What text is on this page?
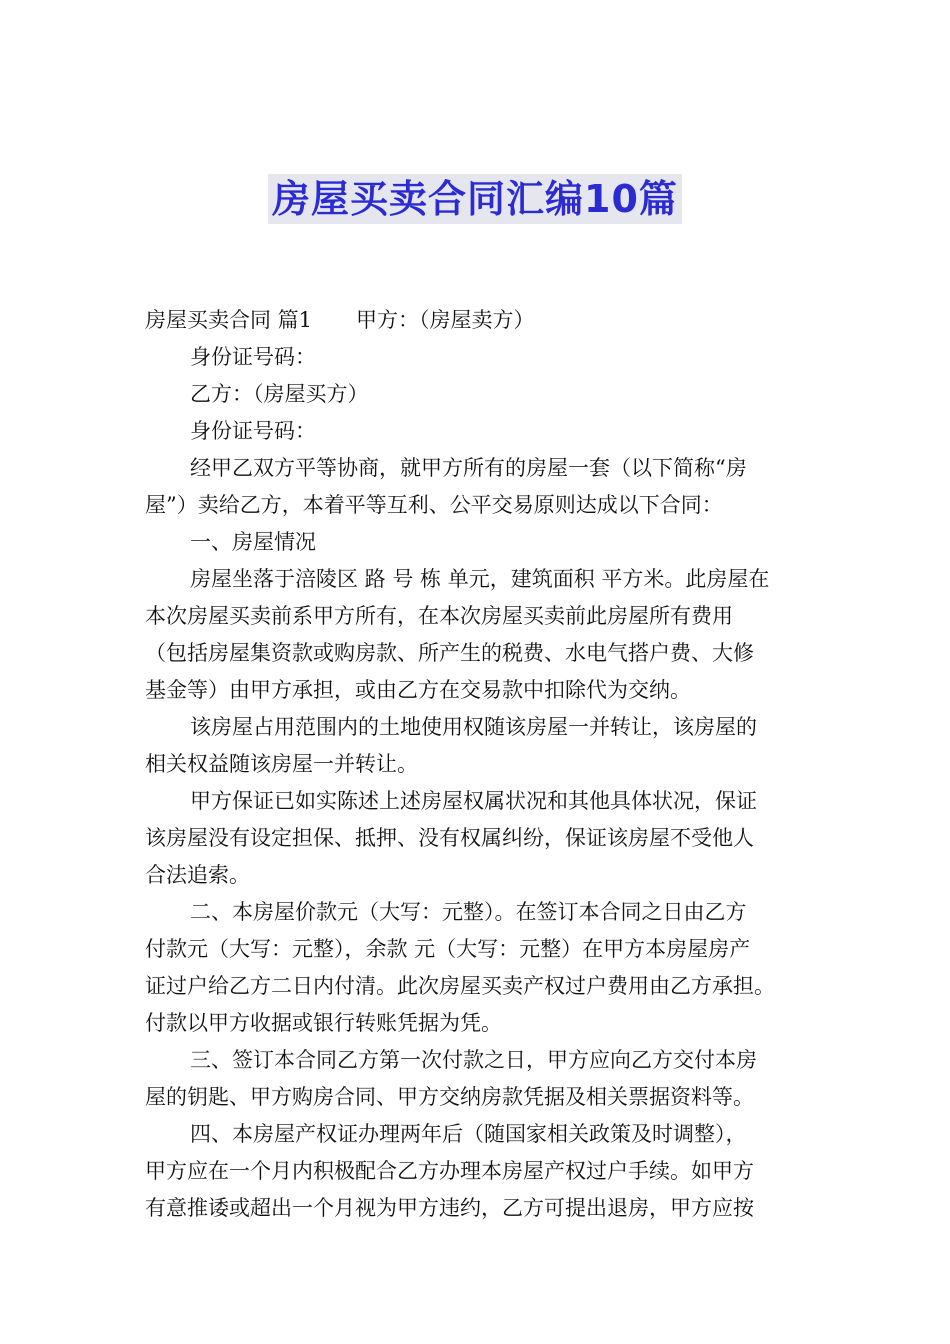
房屋买卖合同汇编10篇
房屋买卖合同 篇1 甲方：（房屋卖方）
身份证号码：
乙方：（房屋买方）
身份证号码：
经甲乙双方平等协商，就甲方所有的房屋一套（以下简称“房
屋”）卖给乙方，本着平等互利、公平交易原则达成以下合同：
一、房屋情况
房屋坐落于涪陵区 路 号 栋 单元，建筑面积 平方米。此房屋在
本次房屋买卖前系甲方所有，在本次房屋买卖前此房屋所有费用
（包括房屋集资款或购房款、所产生的税费、水电气搭户费、大修
基金等）由甲方承担，或由乙方在交易款中扣除代为交纳。
该房屋占用范围内的土地使用权随该房屋一并转让，该房屋的
相关权益随该房屋一并转让。
甲方保证已如实陈述上述房屋权属状况和其他具体状况，保证
该房屋没有设定担保、抵押、没有权属纠纷，保证该房屋不受他人
合法追索。
二、本房屋价款元（大写：元整）。在签订本合同之日由乙方
付款元（大写：元整），余款 元（大写：元整）在甲方本房屋房产
证过户给乙方二日内付清。此次房屋买卖产权过户费用由乙方承担。
付款以甲方收据或银行转账凭据为凭。
三、签订本合同乙方第一次付款之日，甲方应向乙方交付本房
屋的钥匙、甲方购房合同、甲方交纳房款凭据及相关票据资料等。
四、本房屋产权证办理两年后（随国家相关政策及时调整），
甲方应在一个月内积极配合乙方办理本房屋产权过户手续。如甲方
有意推诿或超出一个月视为甲方违约，乙方可提出退房，甲方应按
